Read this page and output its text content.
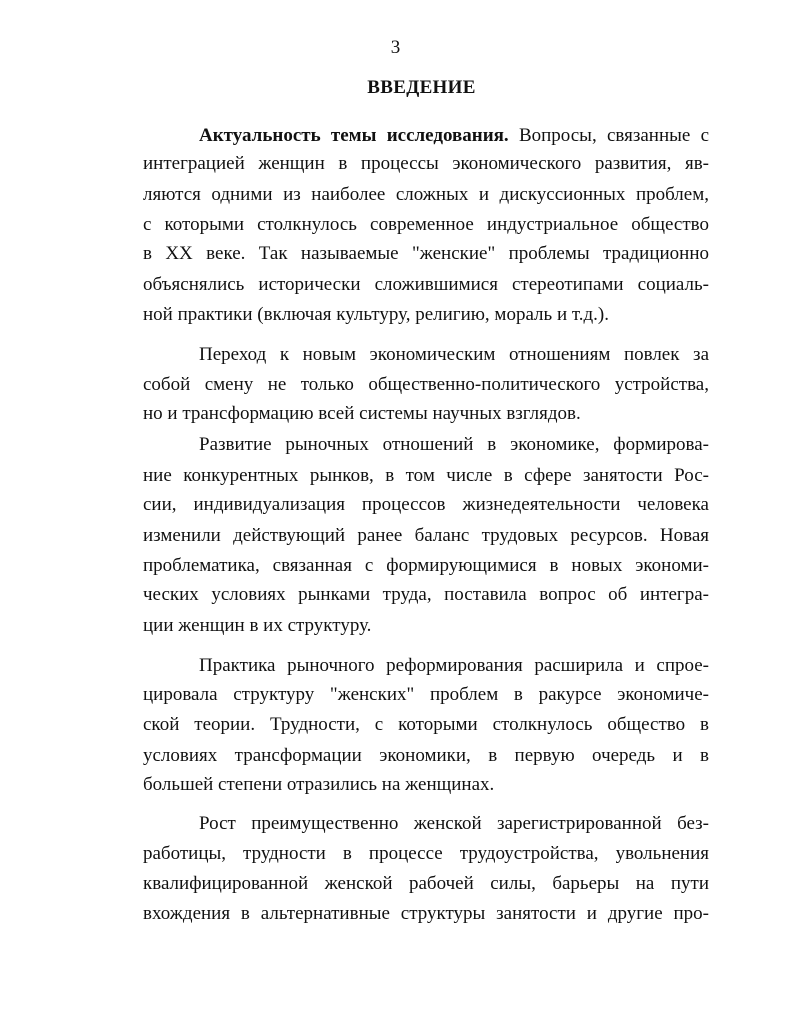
3
ВВЕДЕНИЕ
Актуальность темы исследования. Вопросы, связанные с
интеграцией женщин в процессы экономического развития, яв-
ляются одними из наиболее сложных и дискуссионных проблем,
с которыми столкнулось современное индустриальное общество
в XX веке. Так называемые "женские" проблемы традиционно
объяснялись исторически сложившимися стереотипами социаль-
ной практики (включая культуру, религию, мораль и т.д.).
Переход к новым экономическим отношениям повлек за
собой смену не только общественно-политического устройства,
но и трансформацию всей системы научных взглядов.
Развитие рыночных отношений в экономике, формирова-
ние конкурентных рынков, в том числе в сфере занятости Рос-
сии, индивидуализация процессов жизнедеятельности человека
изменили действующий ранее баланс трудовых ресурсов. Новая
проблематика, связанная с формирующимися в новых экономи-
ческих условиях рынками труда, поставила вопрос об интегра-
ции женщин в их структуру.
Практика рыночного реформирования расширила и спрое-
цировала структуру "женских" проблем в ракурсе экономиче-
ской теории. Трудности, с которыми столкнулось общество в
условиях трансформации экономики, в первую очередь и в
большей степени отразились на женщинах.
Рост преимущественно женской зарегистрированной без-
работицы, трудности в процессе трудоустройства, увольнения
квалифицированной женской рабочей силы, барьеры на пути
вхождения в альтернативные структуры занятости и другие про-
